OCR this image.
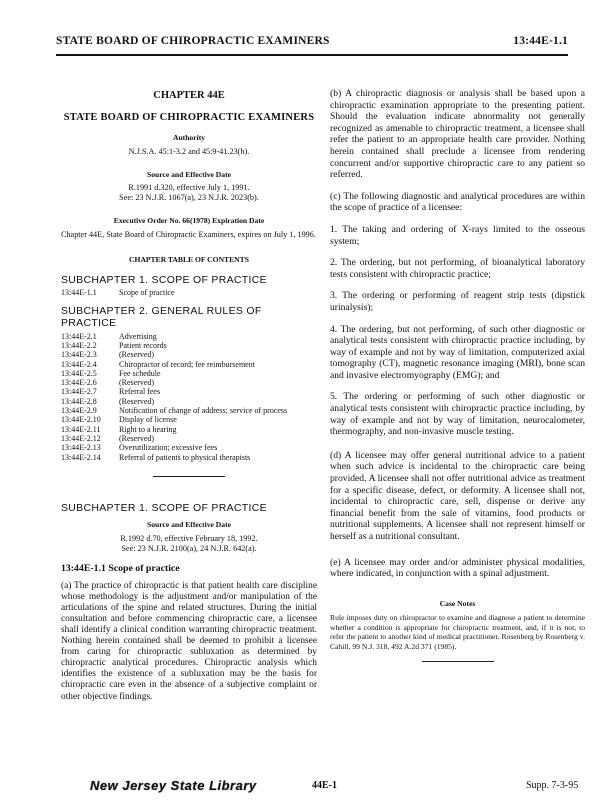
STATE BOARD OF CHIROPRACTIC EXAMINERS	13:44E-1.1

CHAPTER 44E

STATE BOARD OF CHIROPRACTIC EXAMINERS

Authority

N.J.S.A. 45:1-3.2 and 45:9-41.23(h).

Source and Effective Date

R.1991 d.320, effective July 1, 1991.

See: 23 N.J.R. 1067(a), 23 N.J.R. 2023(b).

Executive Order No. 66(1978) Expiration Date

Chapter 44E, State Board of Chiropractic Examiners, expires on July 1, 1996.

CHAPTER TABLE OF CONTENTS

SUBCHAPTER 1. SCOPE OF PRACTICE

13:44E-1.1	Scope of practice

SUBCHAPTER 2. GENERAL RULES OF PRACTICE

13:44E-2.1	Advertising
13:44E-2.2	Patient records
13:44E-2.3	(Reserved)
13:44E-2.4	Chiropractor of record; fee reimbursement
13:44E-2.5	Fee schedule
13:44E-2.6	(Reserved)
13:44E-2.7	Referral fees
13:44E-2.8	(Reserved)
13:44E-2.9	Notification of change of address; service of process
13:44E-2.10	Display of license
13:44E-2.11	Right to a hearing
13:44E-2.12	(Reserved)
13:44E-2.13	Overutilization; excessive fees
13:44E-2.14	Referral of patients to physical therapists

SUBCHAPTER 1. SCOPE OF PRACTICE

Source and Effective Date

R.1992 d.70, effective February 18, 1992.

See: 23 N.J.R. 2100(a), 24 N.J.R. 642(a).

13:44E-1.1 Scope of practice

(a) The practice of chiropractic is that patient health care discipline whose methodology is the adjustment and/or manipulation of the articulations of the spine and related structures. During the initial consultation and before commencing chiropractic care, a licensee shall identify a clinical condition warranting chiropractic treatment. Nothing herein contained shall be deemed to prohibit a licensee from caring for chiropractic subluxation as determined by chiropractic analytical procedures. Chiropractic analysis which identifies the existence of a subluxation may be the basis for chiropractic care even in the absence of a subjective complaint or other objective findings.

(b) A chiropractic diagnosis or analysis shall be based upon a chiropractic examination appropriate to the presenting patient. Should the evaluation indicate abnormality not generally recognized as amenable to chiropractic treatment, a licensee shall refer the patient to an appropriate health care provider. Nothing herein contained shall preclude a licensee from rendering concurrent and/or supportive chiropractic care to any patient so referred.

(c) The following diagnostic and analytical procedures are within the scope of practice of a licensee:

1. The taking and ordering of X-rays limited to the osseous system;

2. The ordering, but not performing, of bioanalytical laboratory tests consistent with chiropractic practice;

3. The ordering or performing of reagent strip tests (dipstick urinalysis);

4. The ordering, but not performing, of such other diagnostic or analytical tests consistent with chiropractic practice including, by way of example and not by way of limitation, computerized axial tomography (CT), magnetic resonance imaging (MRI), bone scan and invasive electromyography (EMG); and

5. The ordering or performing of such other diagnostic or analytical tests consistent with chiropractic practice including, by way of example and not by way of limitation, neurocalometer, thermography, and non-invasive muscle testing.

(d) A licensee may offer general nutritional advice to a patient when such advice is incidental to the chiropractic care being provided. A licensee shall not offer nutritional advice as treatment for a specific disease, defect, or deformity. A licensee shall not, incidental to chiropractic care, sell, dispense or derive any financial benefit from the sale of vitamins, food products or nutritional supplements. A licensee shall not represent himself or herself as a nutritional consultant.

(e) A licensee may order and/or administer physical modalities, where indicated, in conjunction with a spinal adjustment.

Case Notes

Rule imposes duty on chiropractor to examine and diagnose a patient to determine whether a condition is appropriate for chiropractic treatment, and, if it is not, to refer the patient to another kind of medical practitioner. Rosenberg by Rosenberg v. Cahill, 99 N.J. 318, 492 A.2d 371 (1985).

New Jersey State Library	44E-1	Supp. 7-3-95
